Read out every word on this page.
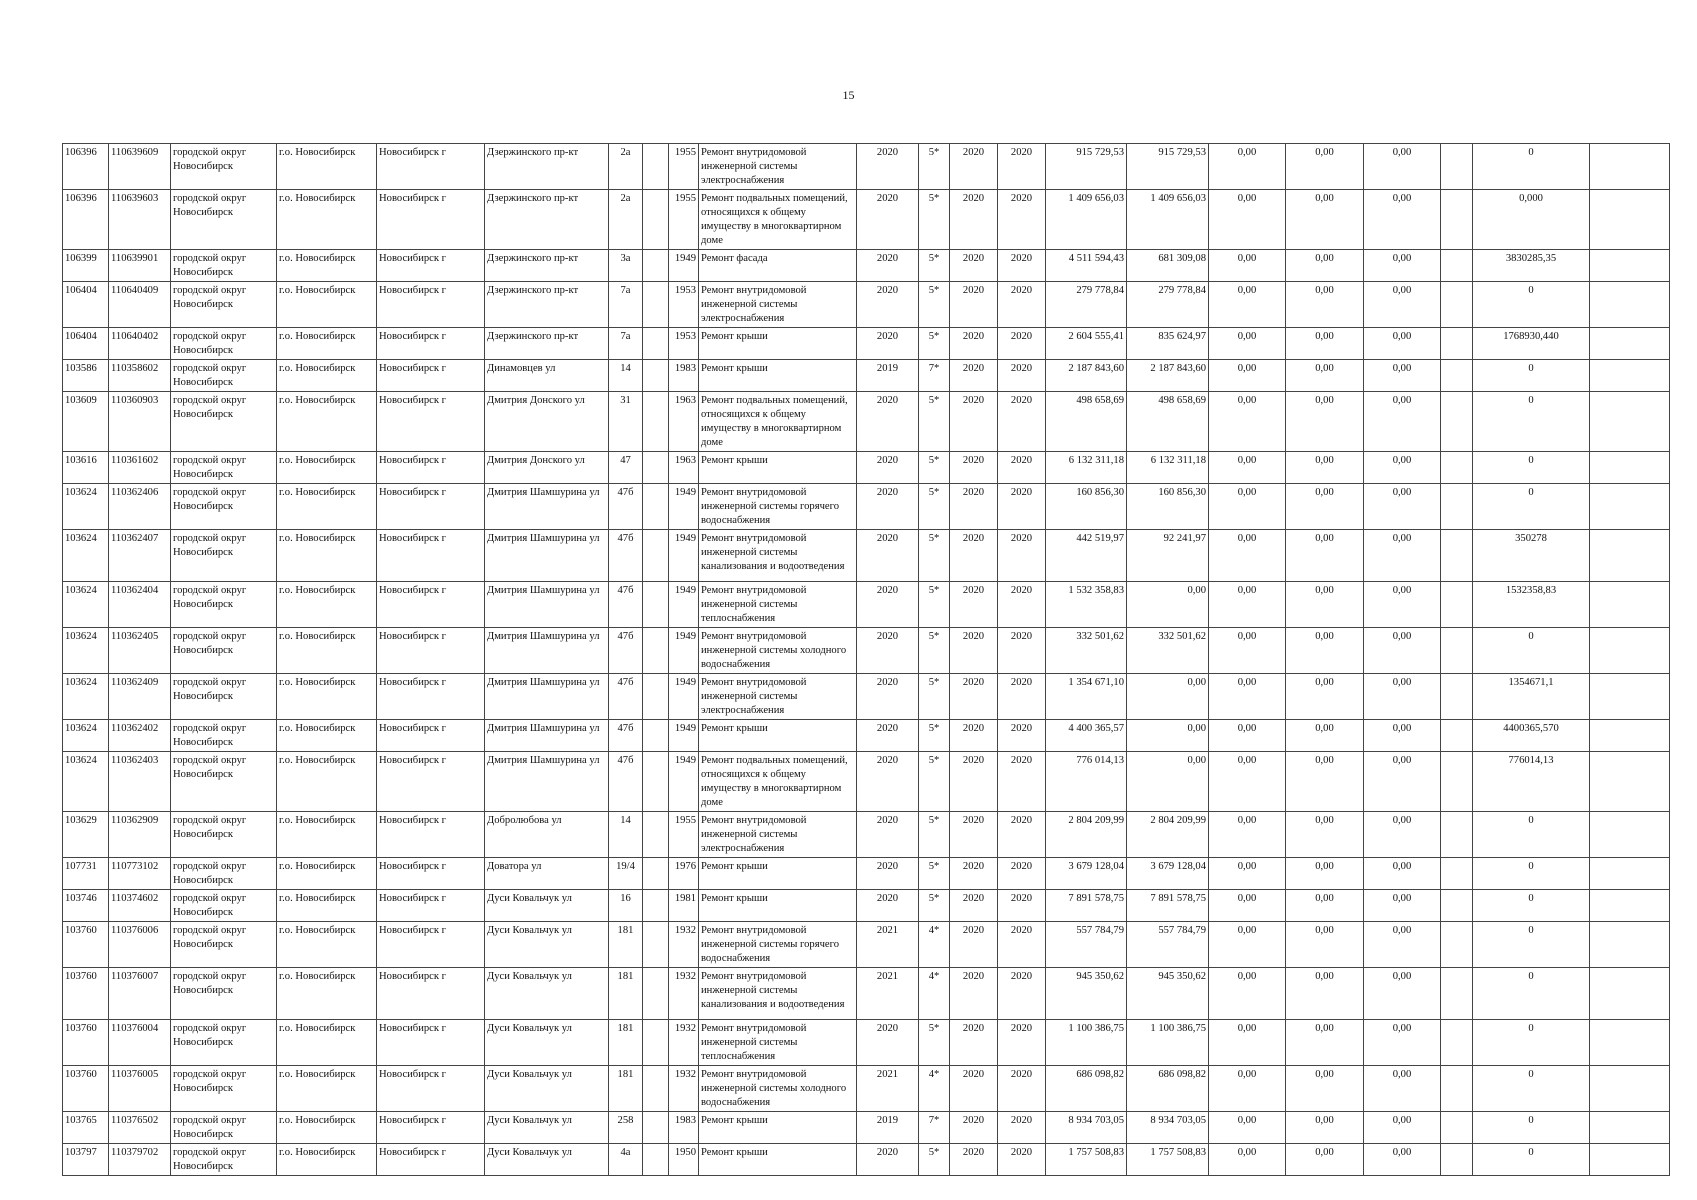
15
106396	110639609	городской округ Новосибирск	г.о. Новосибирск	Новосибирск г	Дзержинского пр-кт	2а		1955	Ремонт внутридомовой инженерной системы электроснабжения	2020	5*	2020	2020	915 729,53	915 729,53	0,00	0,00	0,00		0	
106396	110639603	городской округ Новосибирск	г.о. Новосибирск	Новосибирск г	Дзержинского пр-кт	2а		1955	Ремонт подвальных помещений, относящихся к общему имуществу в многоквартирном доме	2020	5*	2020	2020	1 409 656,03	1 409 656,03	0,00	0,00	0,00		0,000	
106399	110639901	городской округ Новосибирск	г.о. Новосибирск	Новосибирск г	Дзержинского пр-кт	3а		1949	Ремонт фасада	2020	5*	2020	2020	4 511 594,43	681 309,08	0,00	0,00	0,00		3830285,35	
106404	110640409	городской округ Новосибирск	г.о. Новосибирск	Новосибирск г	Дзержинского пр-кт	7а		1953	Ремонт внутридомовой инженерной системы электроснабжения	2020	5*	2020	2020	279 778,84	279 778,84	0,00	0,00	0,00		0	
106404	110640402	городской округ Новосибирск	г.о. Новосибирск	Новосибирск г	Дзержинского пр-кт	7а		1953	Ремонт крыши	2020	5*	2020	2020	2 604 555,41	835 624,97	0,00	0,00	0,00		1768930,440	
103586	110358602	городской округ Новосибирск	г.о. Новосибирск	Новосибирск г	Динамовцев ул	14		1983	Ремонт крыши	2019	7*	2020	2020	2 187 843,60	2 187 843,60	0,00	0,00	0,00		0	
103609	110360903	городской округ Новосибирск	г.о. Новосибирск	Новосибирск г	Дмитрия Донского ул	31		1963	Ремонт подвальных помещений, относящихся к общему имуществу в многоквартирном доме	2020	5*	2020	2020	498 658,69	498 658,69	0,00	0,00	0,00		0	
103616	110361602	городской округ Новосибирск	г.о. Новосибирск	Новосибирск г	Дмитрия Донского ул	47		1963	Ремонт крыши	2020	5*	2020	2020	6 132 311,18	6 132 311,18	0,00	0,00	0,00		0	
103624	110362406	городской округ Новосибирск	г.о. Новосибирск	Новосибирск г	Дмитрия Шамшурина ул	47б		1949	Ремонт внутридомовой инженерной системы горячего водоснабжения	2020	5*	2020	2020	160 856,30	160 856,30	0,00	0,00	0,00		0	
103624	110362407	городской округ Новосибирск	г.о. Новосибирск	Новосибирск г	Дмитрия Шамшурина ул	47б		1949	Ремонт внутридомовой инженерной системы канализования и водоотведения	2020	5*	2020	2020	442 519,97	92 241,97	0,00	0,00	0,00		350278	
103624	110362404	городской округ Новосибирск	г.о. Новосибирск	Новосибирск г	Дмитрия Шамшурина ул	47б		1949	Ремонт внутридомовой инженерной системы теплоснабжения	2020	5*	2020	2020	1 532 358,83	0,00	0,00	0,00	0,00		1532358,83	
103624	110362405	городской округ Новосибирск	г.о. Новосибирск	Новосибирск г	Дмитрия Шамшурина ул	47б		1949	Ремонт внутридомовой инженерной системы холодного водоснабжения	2020	5*	2020	2020	332 501,62	332 501,62	0,00	0,00	0,00		0	
103624	110362409	городской округ Новосибирск	г.о. Новосибирск	Новосибирск г	Дмитрия Шамшурина ул	47б		1949	Ремонт внутридомовой инженерной системы электроснабжения	2020	5*	2020	2020	1 354 671,10	0,00	0,00	0,00	0,00		1354671,1	
103624	110362402	городской округ Новосибирск	г.о. Новосибирск	Новосибирск г	Дмитрия Шамшурина ул	47б		1949	Ремонт крыши	2020	5*	2020	2020	4 400 365,57	0,00	0,00	0,00	0,00		4400365,570	
103624	110362403	городской округ Новосибирск	г.о. Новосибирск	Новосибирск г	Дмитрия Шамшурина ул	47б		1949	Ремонт подвальных помещений, относящихся к общему имуществу в многоквартирном доме	2020	5*	2020	2020	776 014,13	0,00	0,00	0,00	0,00		776014,13	
103629	110362909	городской округ Новосибирск	г.о. Новосибирск	Новосибирск г	Добролюбова ул	14		1955	Ремонт внутридомовой инженерной системы электроснабжения	2020	5*	2020	2020	2 804 209,99	2 804 209,99	0,00	0,00	0,00		0	
107731	110773102	городской округ Новосибирск	г.о. Новосибирск	Новосибирск г	Доватора ул	19/4		1976	Ремонт крыши	2020	5*	2020	2020	3 679 128,04	3 679 128,04	0,00	0,00	0,00		0	
103746	110374602	городской округ Новосибирск	г.о. Новосибирск	Новосибирск г	Дуси Ковальчук ул	16		1981	Ремонт крыши	2020	5*	2020	2020	7 891 578,75	7 891 578,75	0,00	0,00	0,00		0	
103760	110376006	городской округ Новосибирск	г.о. Новосибирск	Новосибирск г	Дуси Ковальчук ул	181		1932	Ремонт внутридомовой инженерной системы горячего водоснабжения	2021	4*	2020	2020	557 784,79	557 784,79	0,00	0,00	0,00		0	
103760	110376007	городской округ Новосибирск	г.о. Новосибирск	Новосибирск г	Дуси Ковальчук ул	181		1932	Ремонт внутридомовой инженерной системы канализования и водоотведения	2021	4*	2020	2020	945 350,62	945 350,62	0,00	0,00	0,00		0	
103760	110376004	городской округ Новосибирск	г.о. Новосибирск	Новосибирск г	Дуси Ковальчук ул	181		1932	Ремонт внутридомовой инженерной системы теплоснабжения	2020	5*	2020	2020	1 100 386,75	1 100 386,75	0,00	0,00	0,00		0	
103760	110376005	городской округ Новосибирск	г.о. Новосибирск	Новосибирск г	Дуси Ковальчук ул	181		1932	Ремонт внутридомовой инженерной системы холодного водоснабжения	2021	4*	2020	2020	686 098,82	686 098,82	0,00	0,00	0,00		0	
103765	110376502	городской округ Новосибирск	г.о. Новосибирск	Новосибирск г	Дуси Ковальчук ул	258		1983	Ремонт крыши	2019	7*	2020	2020	8 934 703,05	8 934 703,05	0,00	0,00	0,00		0	
103797	110379702	городской округ Новосибирск	г.о. Новосибирск	Новосибирск г	Дуси Ковальчук ул	4а		1950	Ремонт крыши	2020	5*	2020	2020	1 757 508,83	1 757 508,83	0,00	0,00	0,00		0	
